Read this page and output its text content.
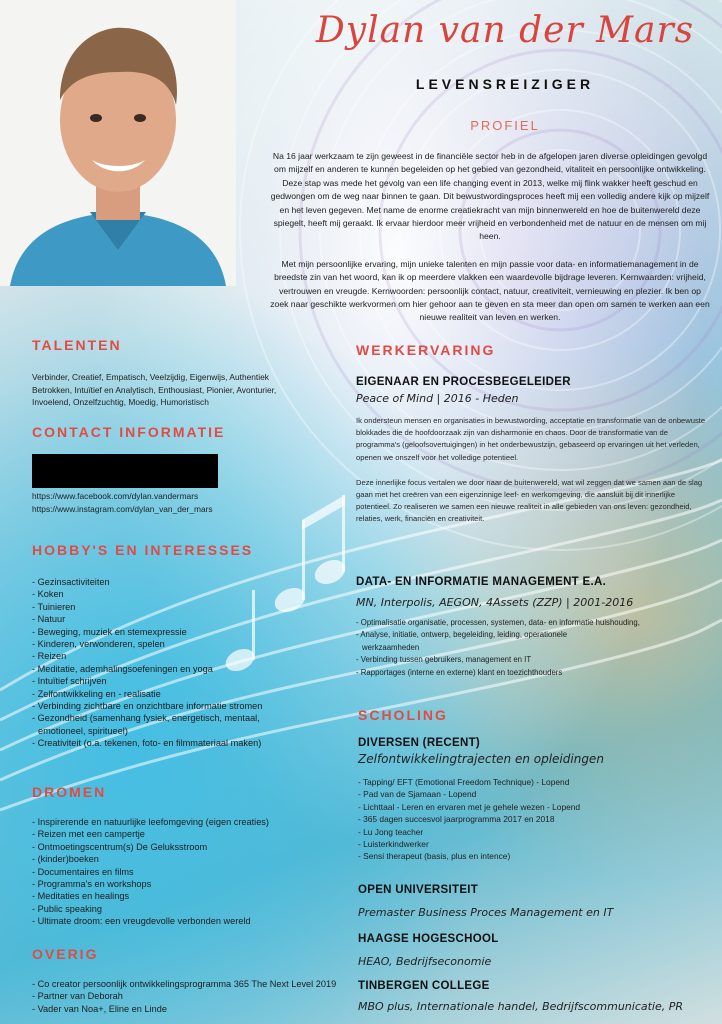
Dylan van der Mars
LEVENSREIZIGER
PROFIEL

Na 16 jaar werkzaam te zijn geweest in de financiële sector heb in de afgelopen jaren diverse opleidingen gevolgd om mijzelf en anderen te kunnen begeleiden op het gebied van gezondheid, vitaliteit en persoonlijke ontwikkeling. Deze stap was mede het gevolg van een life changing event in 2013, welke mij flink wakker heeft geschud en gedwongen om de weg naar binnen te gaan. Dit bewustwordingsproces heeft mij een volledig andere kijk op mijzelf en het leven gegeven. Met name de enorme creatiekracht van mijn binnenwereld en hoe de buitenwereld deze spiegelt, heeft mij geraakt. Ik ervaar hierdoor meer vrijheid en verbondenheid met de natuur en de mensen om mij heen.

Met mijn persoonlijke ervaring, mijn unieke talenten en mijn passie voor data- en informatiemanagement in de breedste zin van het woord, kan ik op meerdere vlakken een waardevolle bijdrage leveren. Kernwaarden: vrijheid, vertrouwen en vreugde. Kernwoorden: persoonlijk contact, natuur, creativiteit, vernieuwing en plezier. Ik ben op zoek naar geschikte werkvormen om hier gehoor aan te geven en sta meer dan open om samen te werken aan een nieuwe realiteit van leven en werken.

TALENTEN
Verbinder, Creatief, Empatisch, Veelzijdig, Eigenwijs, Authentiek Betrokken, Intuïtief en Analytisch, Enthousiast, Pionier, Avonturier, Invoelend, Onzelfzuchtig, Moedig, Humoristisch
CONTACT INFORMATIE
https://www.facebook.com/dylan.vandermars
https://www.instagram.com/dylan_van_der_mars
HOBBY'S EN INTERESSES
- Gezinsactiviteiten
- Koken
- Tuinieren
- Natuur
- Beweging, muziek en stemexpressie
- Kinderen, verwonderen, spelen
- Reizen
- Meditatie, ademhalingsoefeningen en yoga
- Intuïtief schrijven
- Zelfontwikkeling en - realisatie
- Verbinding zichtbare en onzichtbare informatie stromen
- Gezondheid (samenhang fysiek, energetisch, mentaal,
emotioneel, spiritueel)
- Creativiteit (o.a. tekenen, foto- en filmmateriaal maken)
DROMEN
- Inspirerende en natuurlijke leefomgeving (eigen creaties)
- Reizen met een campertje
- Ontmoetingscentrum(s) De Geluksstroom
- (kinder)boeken
- Documentaires en films
- Programma's en workshops
- Meditaties en healings
- Public speaking
- Ultimate droom: een vreugdevolle verbonden wereld
OVERIG
- Co creator persoonlijk ontwikkelingsprogramma 365 The Next Level 2019
- Partner van Deborah
- Vader van Noa+, Eline en Linde
WERKERVARING
EIGENAAR EN PROCESBEGELEIDER
Peace of Mind | 2016 - Heden
Ik ondersteun mensen en organisaties in bewustwording, acceptatie en transformatie van de onbewuste blokkades die de hoofdoorzaak zijn van disharmonie en chaos. Door de transformatie van de programma's (geloofsovertuigingen) in het onderbewustzijn, gebaseerd op ervaringen uit het verleden, openen we onszelf voor het volledige potentieel.
Deze innerlijke focus vertalen we door naar de buitenwereld, wat wil zeggen dat we samen aan de slag gaan met het creëren van een eigenzinnige leef- en werkomgeving, die aansluit bij dit innerlijke potentieel. Zo realiseren we samen een nieuwe realiteit in alle gebieden van ons leven: gezondheid, relaties, werk, financiën en creativiteit.
DATA- EN INFORMATIE MANAGEMENT E.A.
MN, Interpolis, AEGON, 4Assets (ZZP) | 2001-2016
- Optimalisatie organisatie, processen, systemen, data- en informatie huishouding,
- Analyse, initiatie, ontwerp, begeleiding, leiding, operationele
werkzaamheden
- Verbinding tussen gebruikers, management en IT
- Rapportages (interne en externe) klant en toezichthouders
SCHOLING
DIVERSEN (RECENT)
Zelfontwikkelingtrajecten en opleidingen
- Tapping/ EFT (Emotional Freedom Technique) - Lopend
- Pad van de Sjamaan - Lopend
- Lichttaal - Leren en ervaren met je gehele wezen - Lopend
- 365 dagen succesvol jaarprogramma 2017 en 2018
- Lu Jong teacher
- Luisterkindwerker
- Sensi therapeut (basis, plus en intence)
OPEN UNIVERSITEIT
Premaster Business Proces Management en IT
HAAGSE HOGESCHOOL
HEAO, Bedrijfseconomie
TINBERGEN COLLEGE
MBO plus, Internationale handel, Bedrijfscommunicatie, PR
